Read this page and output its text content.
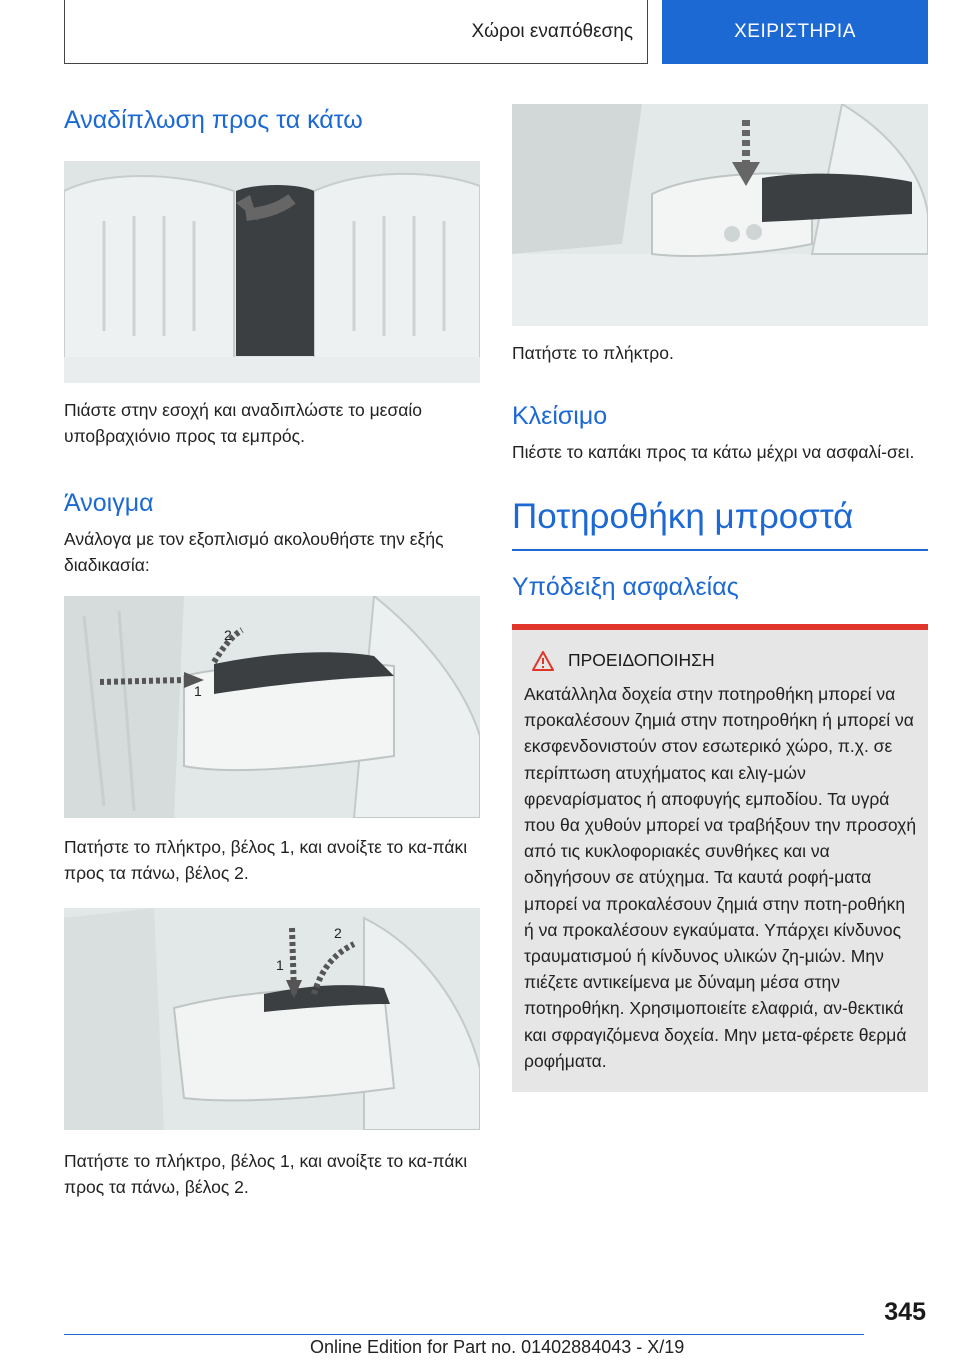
Χώροι εναπόθεσης	ΧΕΙΡΙΣΤΗΡΙΑ
Αναδίπλωση προς τα κάτω

Πιάστε στην εσοχή και αναδιπλώστε το μεσαίο υποβραχιόνιο προς τα εμπρός.

Άνοιγμα

Ανάλογα με τον εξοπλισμό ακολουθήστε την εξής διαδικασία:

2
1

Πατήστε το πλήκτρο, βέλος 1, και ανοίξτε το κα-πάκι προς τα πάνω, βέλος 2.

1
2

Πατήστε το πλήκτρο, βέλος 1, και ανοίξτε το κα-πάκι προς τα πάνω, βέλος 2.

Πατήστε το πλήκτρο.

Κλείσιμο

Πιέστε το καπάκι προς τα κάτω μέχρι να ασφαλί-σει.

Ποτηροθήκη μπροστά
Υπόδειξη ασφαλείας
ΠΡΟΕΙΔΟΠΟΙΗΣΗ

Ακατάλληλα δοχεία στην ποτηροθήκη μπορεί να προκαλέσουν ζημιά στην ποτηροθήκη ή μπορεί να εκσφενδονιστούν στον εσωτερικό χώρο, π.χ. σε περίπτωση ατυχήματος και ελιγ-μών φρεναρίσματος ή αποφυγής εμποδίου. Τα υγρά που θα χυθούν μπορεί να τραβήξουν την προσοχή από τις κυκλοφοριακές συνθήκες και να οδηγήσουν σε ατύχημα. Τα καυτά ροφή-ματα μπορεί να προκαλέσουν ζημιά στην ποτη-ροθήκη ή να προκαλέσουν εγκαύματα. Υπάρχει κίνδυνος τραυματισμού ή κίνδυνος υλικών ζη-μιών. Μην πιέζετε αντικείμενα με δύναμη μέσα στην ποτηροθήκη. Χρησιμοποιείτε ελαφριά, αν-θεκτικά και σφραγιζόμενα δοχεία. Μην μετα-φέρετε θερμά ροφήματα.

345
Online Edition for Part no. 01402884043 - X/19
